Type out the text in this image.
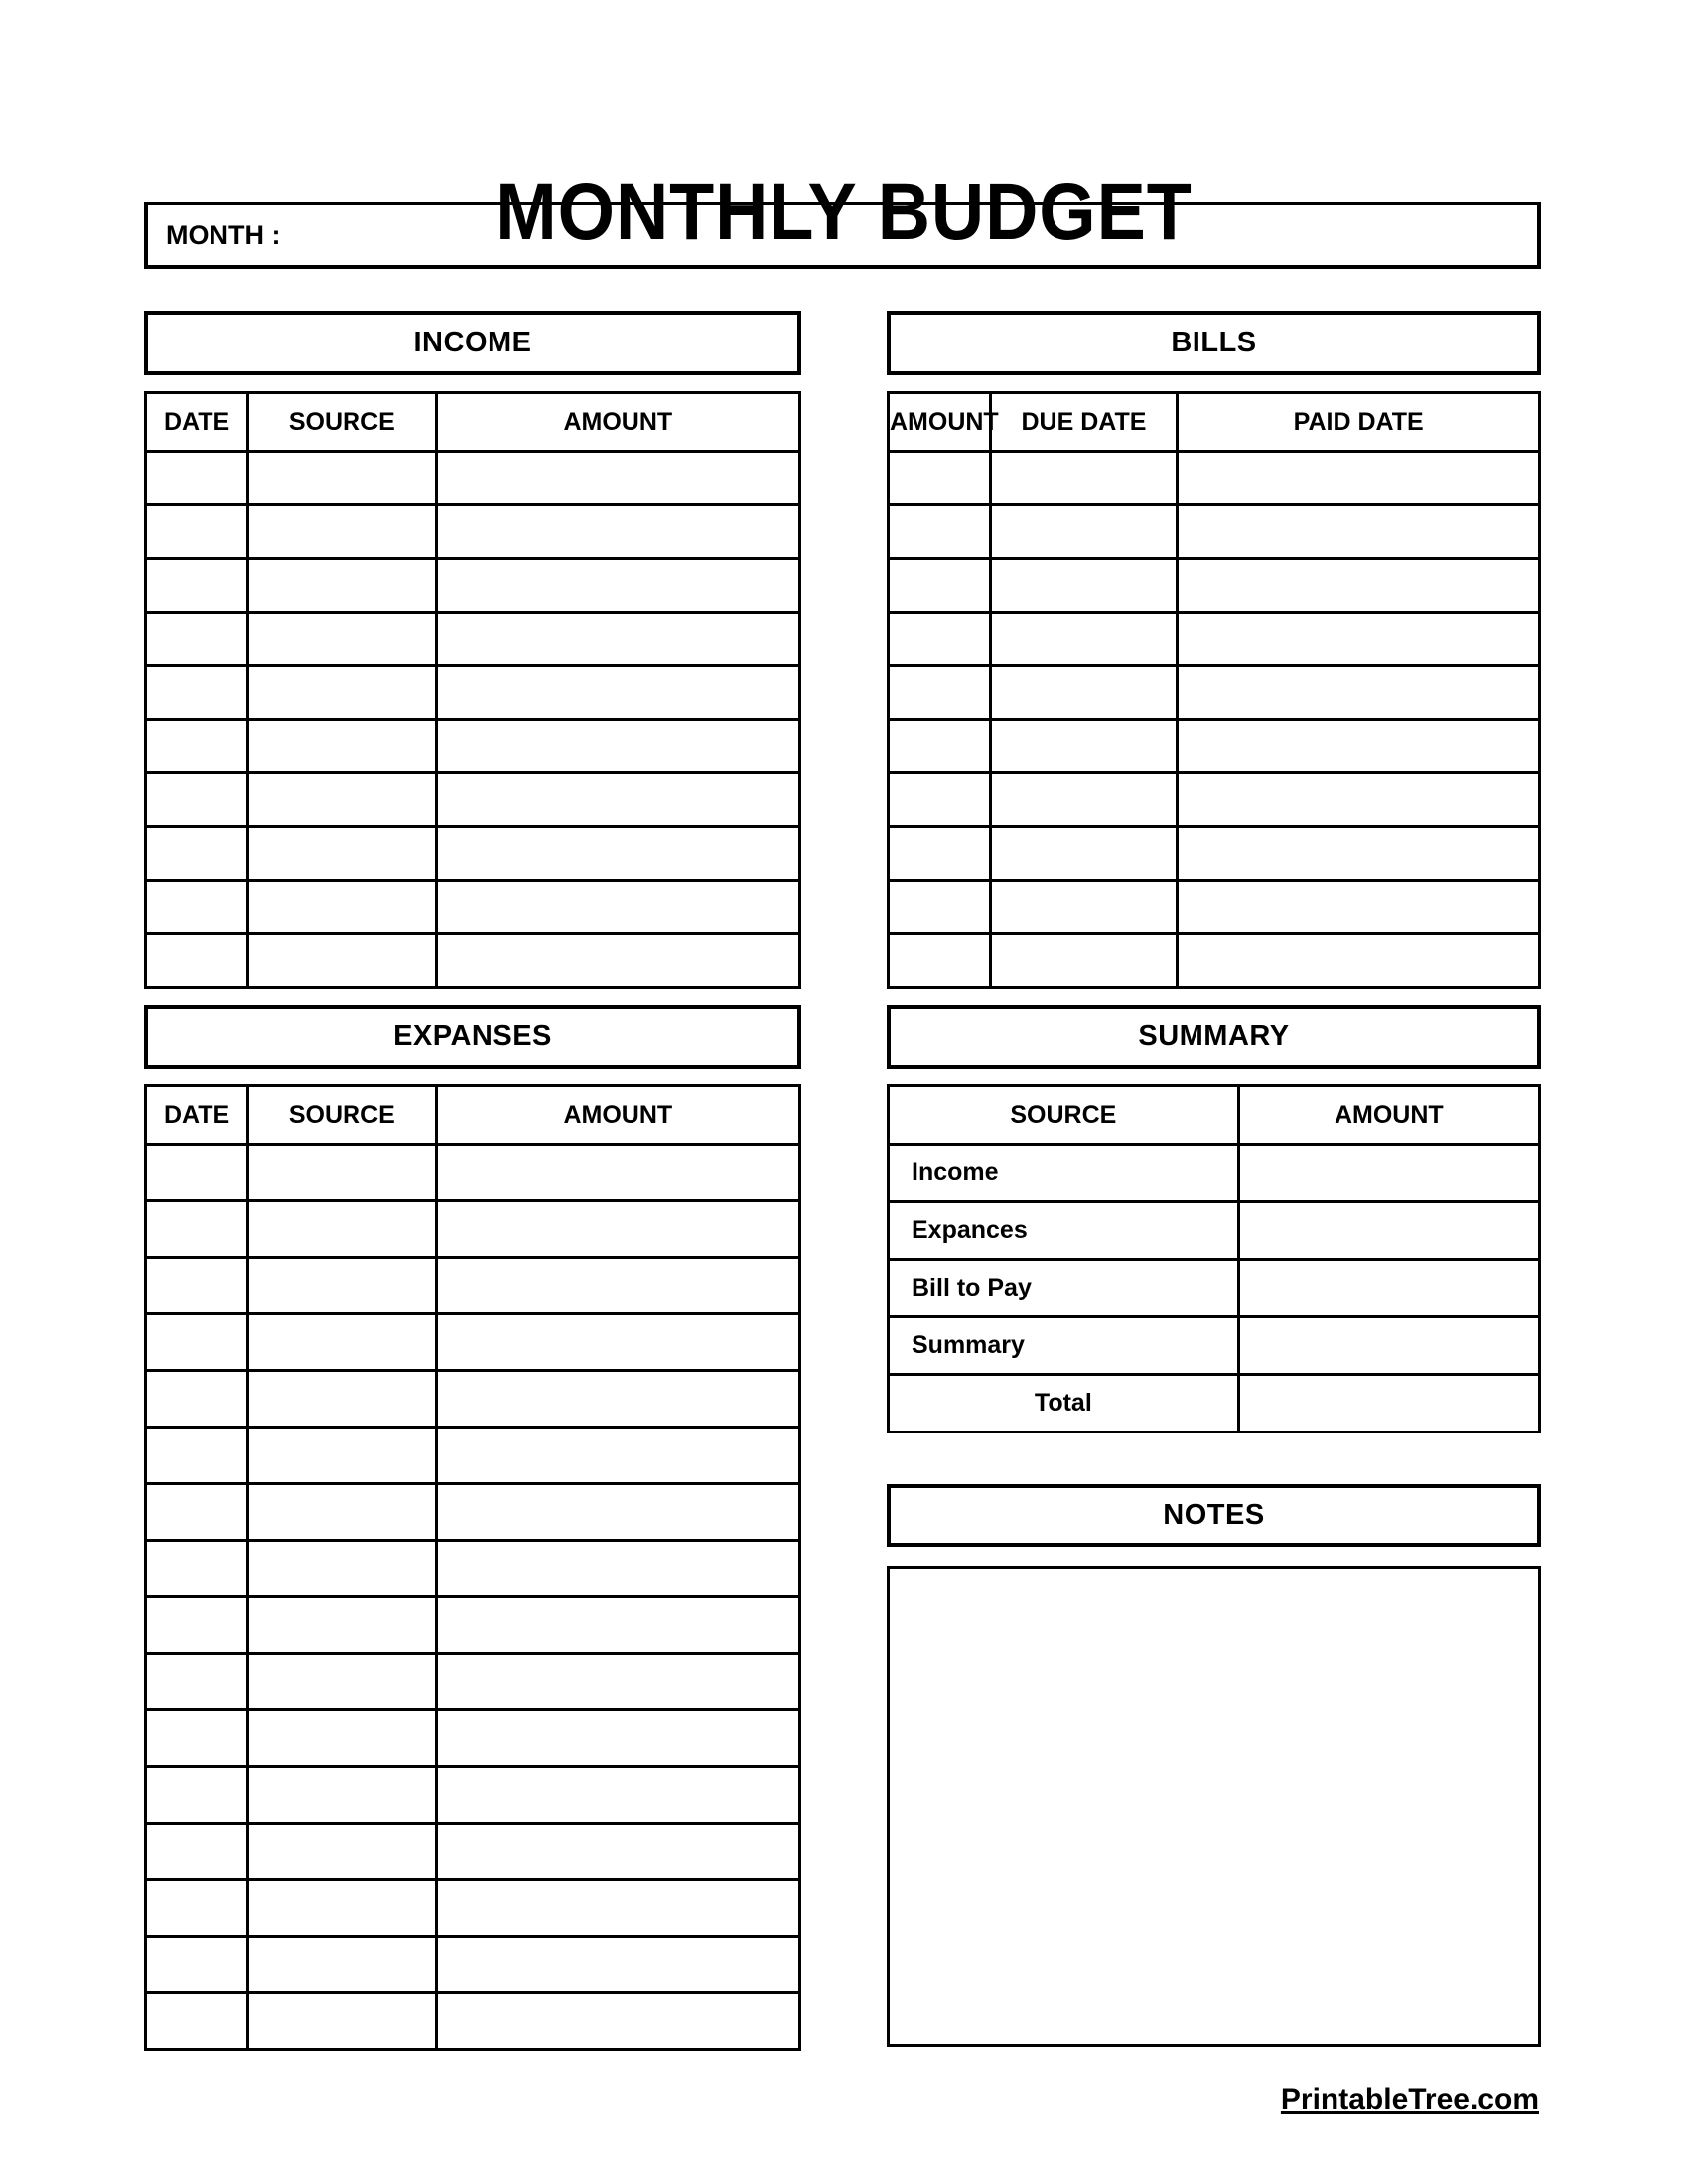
MONTHLY BUDGET
MONTH :
INCOME	BILLS
EXPANSES	SUMMARY
NOTES
DATE	SOURCE	AMOUNT

			AMOUNT	DUE DATE	PAID DATE

DATE	SOURCE	AMOUNT

			SOURCE	AMOUNT
Income	
Expances	
Bill to Pay	
Summary	
Total	
PrintableTree.com
